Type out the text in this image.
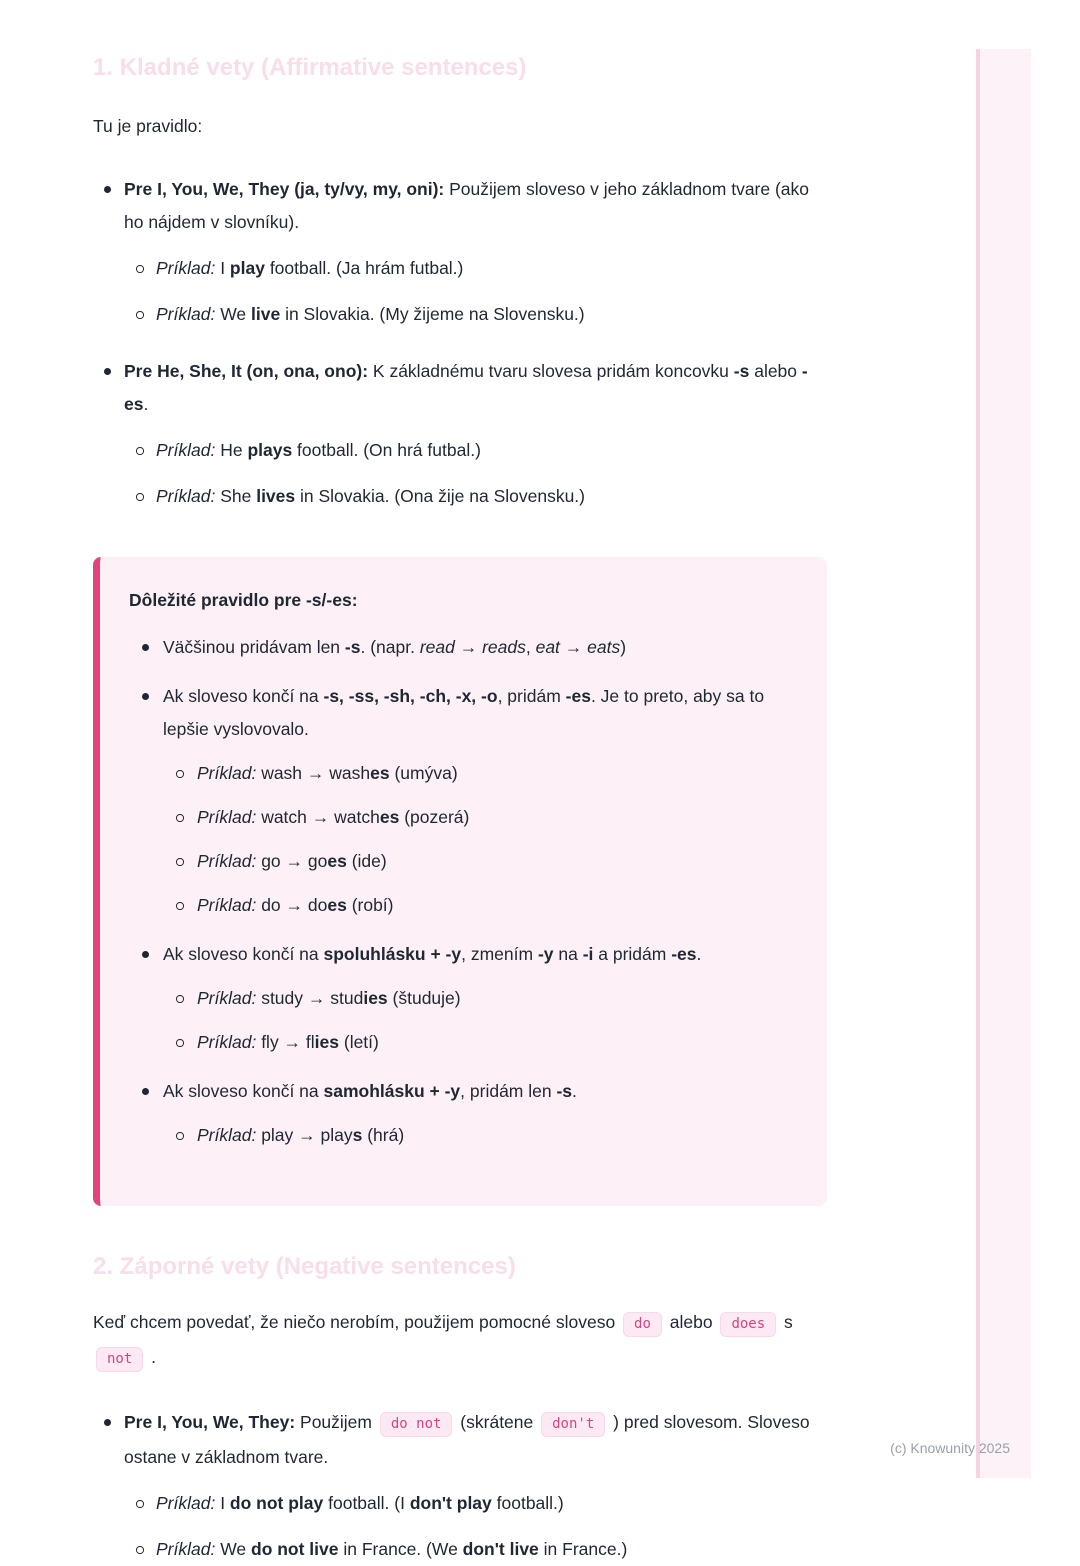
1. Kladné vety (Affirmative sentences)

Tu je pravidlo:

Pre I, You, We, They (ja, ty/vy, my, oni): Použijem sloveso v jeho základnom tvare (ako ho nájdem v slovníku).
Príklad: I play football. (Ja hrám futbal.)
Príklad: We live in Slovakia. (My žijeme na Slovensku.)
Pre He, She, It (on, ona, ono): K základnému tvaru slovesa pridám koncovku -s alebo -es.
Príklad: He plays football. (On hrá futbal.)
Príklad: She lives in Slovakia. (Ona žije na Slovensku.)

Dôležité pravidlo pre -s/-es:

Väčšinou pridávam len -s. (napr. read → reads, eat → eats)
Ak sloveso končí na -s, -ss, -sh, -ch, -x, -o, pridám -es. Je to preto, aby sa to lepšie vyslovovalo.
Príklad: wash → washes (umýva)
Príklad: watch → watches (pozerá)
Príklad: go → goes (ide)
Príklad: do → does (robí)
Ak sloveso končí na spoluhlásku + -y, zmením -y na -i a pridám -es.
Príklad: study → studies (študuje)
Príklad: fly → flies (letí)
Ak sloveso končí na samohlásku + -y, pridám len -s.
Príklad: play → plays (hrá)
2. Záporné vety (Negative sentences)

Keď chcem povedať, že niečo nerobím, použijem pomocné sloveso do alebo does s not .

Pre I, You, We, They: Použijem do not (skrátene don't ) pred slovesom. Sloveso ostane v základnom tvare.
Príklad: I do not play football. (I don't play football.)
Príklad: We do not live in France. (We don't live in France.)
(c) Knowunity 2025
